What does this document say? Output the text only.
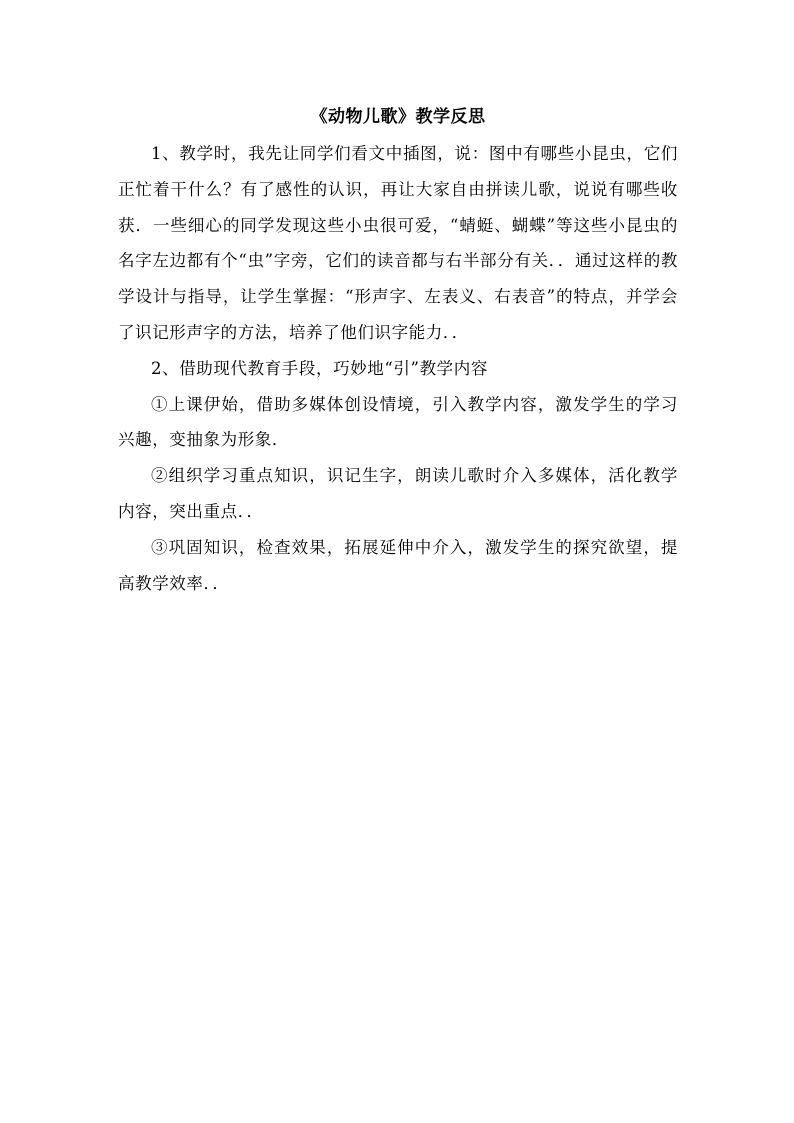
《动物儿歌》教学反思

1、教学时，我先让同学们看文中插图，说：图中有哪些小昆虫，它们正忙着干什么？有了感性的认识，再让大家自由拼读儿歌，说说有哪些收获．一些细心的同学发现这些小虫很可爱，“蜻蜓、蝴蝶”等这些小昆虫的名字左边都有个“虫”字旁，它们的读音都与右半部分有关．．通过这样的教学设计与指导，让学生掌握：“形声字、左表义、右表音”的特点，并学会了识记形声字的方法，培养了他们识字能力．．

2、借助现代教育手段，巧妙地“引”教学内容

①上课伊始，借助多媒体创设情境，引入教学内容，激发学生的学习兴趣，变抽象为形象．

②组织学习重点知识，识记生字，朗读儿歌时介入多媒体，活化教学内容，突出重点．．

③巩固知识，检查效果，拓展延伸中介入，激发学生的探究欲望，提高教学效率．．
